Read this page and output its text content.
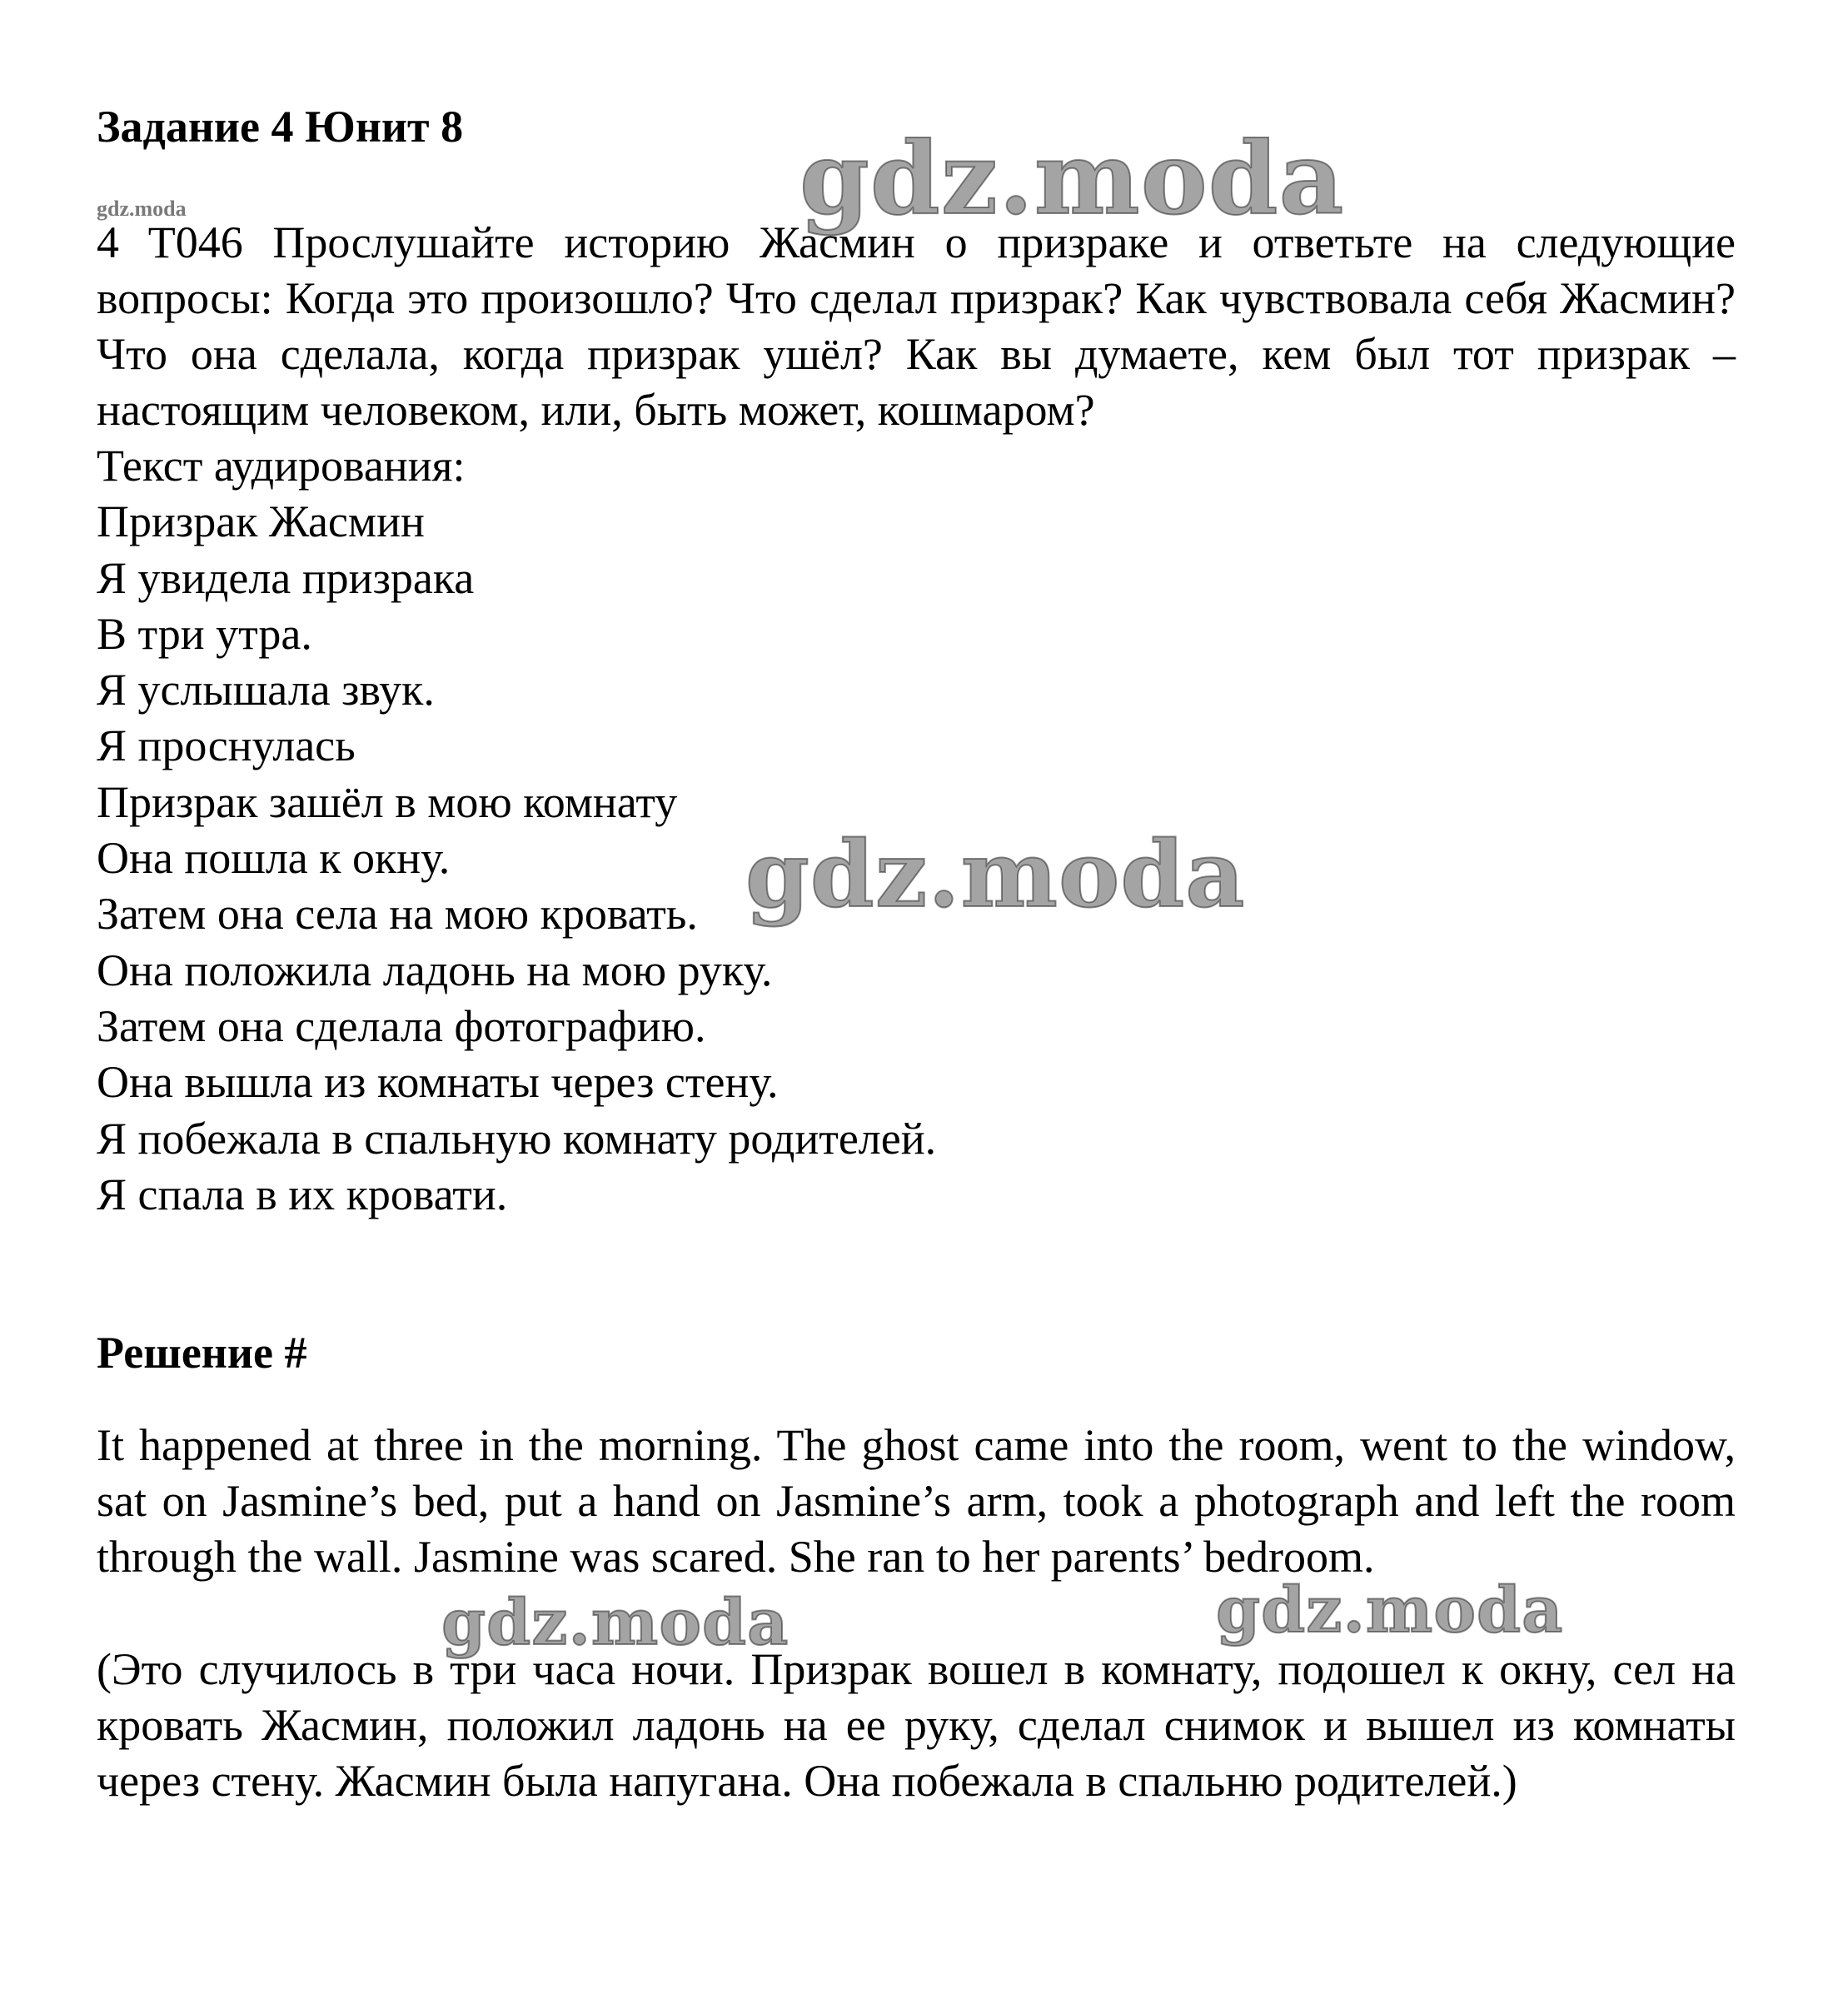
Задание 4 Юнит 8
gdz.moda
4 T046 Прослушайте историю Жасмин о призраке и ответьте на следующие вопросы: Когда это произошло? Что сделал призрак? Как чувствовала себя Жасмин? Что она сделала, когда призрак ушёл? Как вы думаете, кем был тот призрак – настоящим человеком, или, быть может, кошмаром?
Текст аудирования:
Призрак Жасмин
Я увидела призрака
В три утра.
Я услышала звук.
Я проснулась
Призрак зашёл в мою комнату
Она пошла к окну.
Затем она села на мою кровать.
Она положила ладонь на мою руку.
Затем она сделала фотографию.
Она вышла из комнаты через стену.
Я побежала в спальную комнату родителей.
Я спала в их кровати.
Решение #
It happened at three in the morning. The ghost came into the room, went to the window, sat on Jasmine’s bed, put a hand on Jasmine’s arm, took a photograph and left the room through the wall. Jasmine was scared. She ran to her parents’ bedroom.
(Это случилось в три часа ночи. Призрак вошел в комнату, подошел к окну, сел на кровать Жасмин, положил ладонь на ее руку, сделал снимок и вышел из комнаты через стену. Жасмин была напугана. Она побежала в спальню родителей.)
gdz.moda
gdz.moda
gdz.moda	gdz.moda
